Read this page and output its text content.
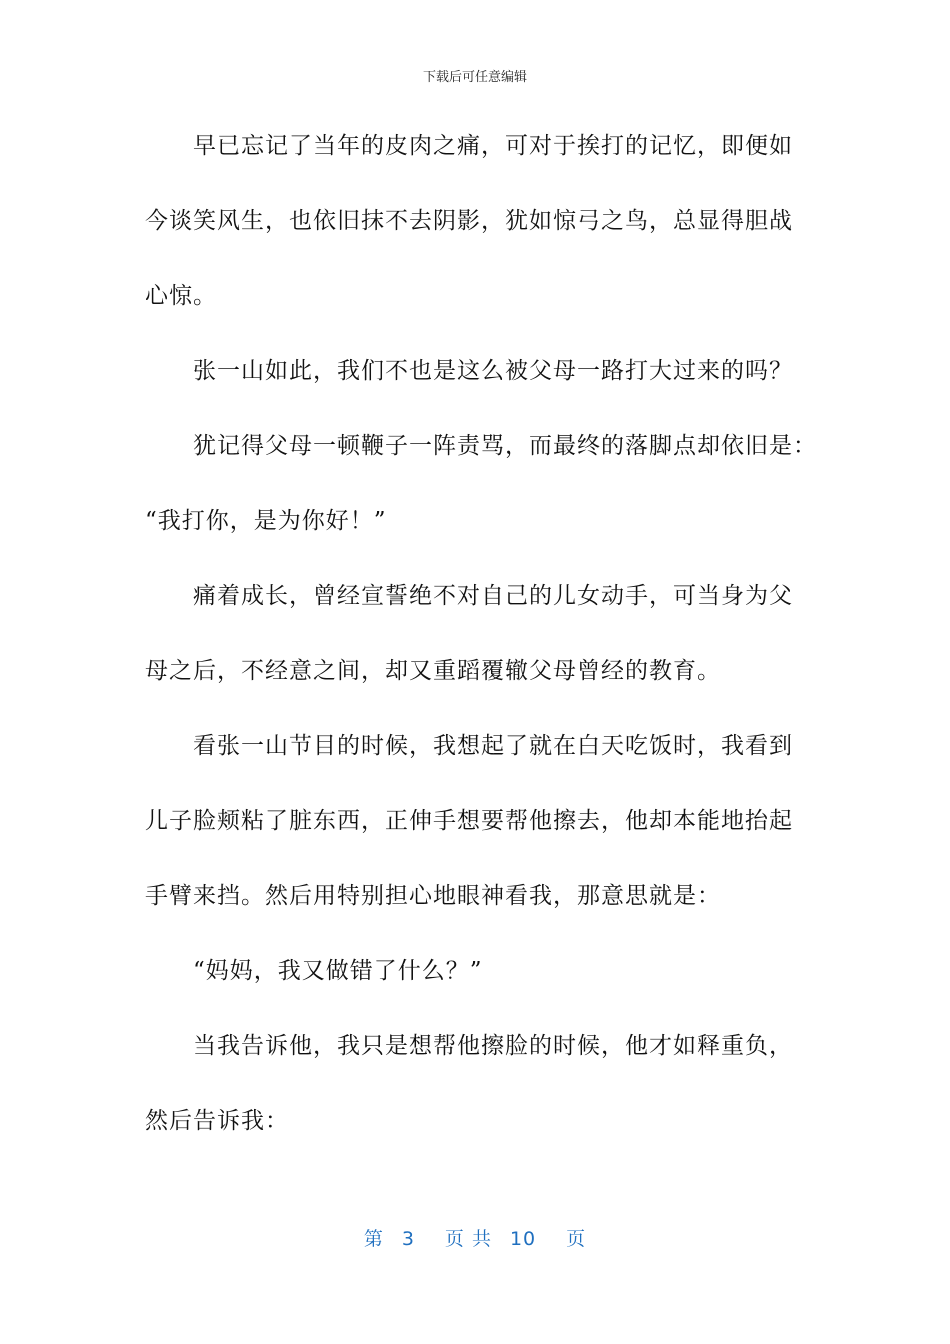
下载后可任意编辑
早已忘记了当年的皮肉之痛，可对于挨打的记忆，即便如
今谈笑风生，也依旧抹不去阴影，犹如惊弓之鸟，总显得胆战
心惊。
张一山如此，我们不也是这么被父母一路打大过来的吗？
犹记得父母一顿鞭子一阵责骂，而最终的落脚点却依旧是：
“我打你，是为你好！”
痛着成长，曾经宣誓绝不对自己的儿女动手，可当身为父
母之后，不经意之间，却又重蹈覆辙父母曾经的教育。
看张一山节目的时候，我想起了就在白天吃饭时，我看到
儿子脸颊粘了脏东西，正伸手想要帮他擦去，他却本能地抬起
手臂来挡。然后用特别担心地眼神看我，那意思就是：
“妈妈，我又做错了什么？”
当我告诉他，我只是想帮他擦脸的时候，他才如释重负，
然后告诉我：
第 3 页 共 10 页
